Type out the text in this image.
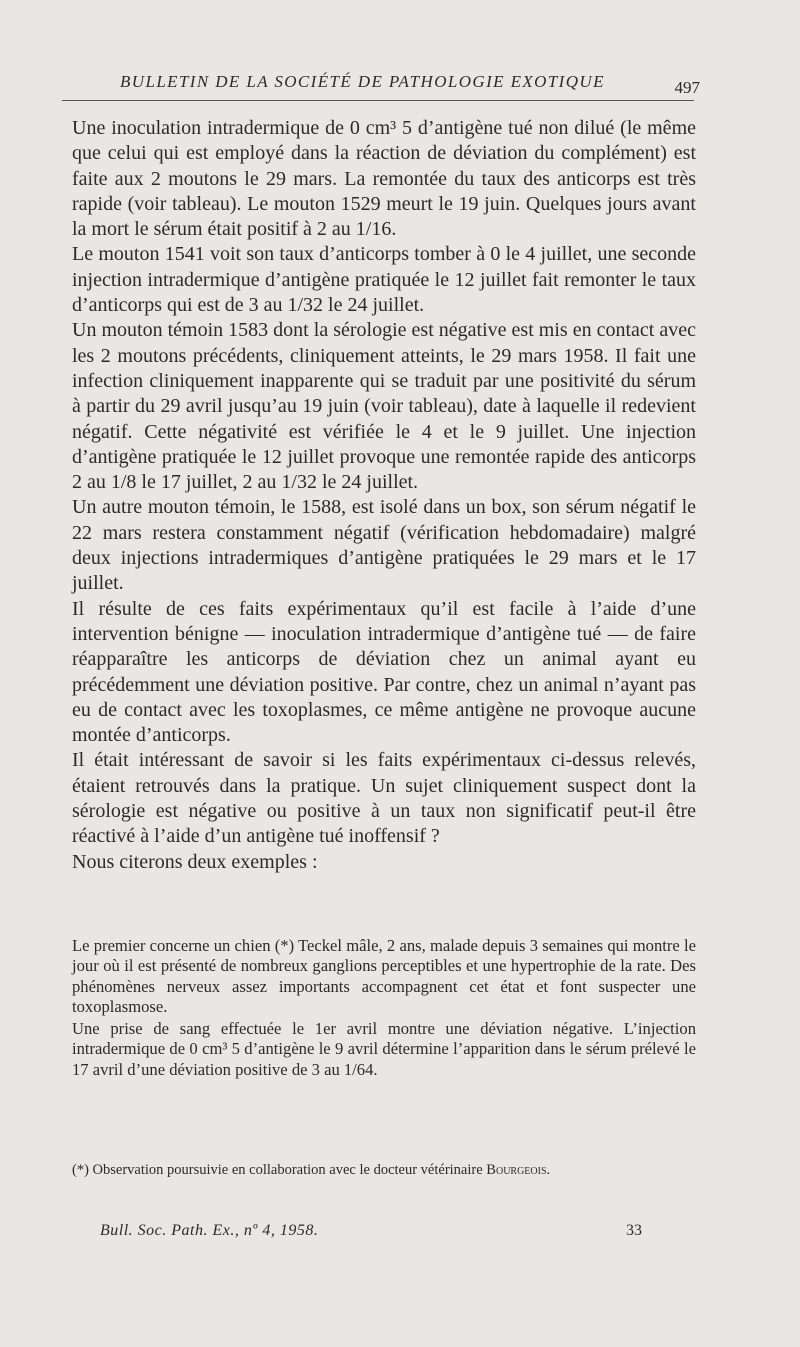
BULLETIN DE LA SOCIÉTÉ DE PATHOLOGIE EXOTIQUE	497

Une inoculation intradermique de 0 cm³ 5 d’antigène tué non dilué (le même que celui qui est employé dans la réaction de déviation du complément) est faite aux 2 moutons le 29 mars. La remontée du taux des anticorps est très rapide (voir tableau). Le mouton 1529 meurt le 19 juin. Quelques jours avant la mort le sérum était positif à 2 au 1/16.

Le mouton 1541 voit son taux d’anticorps tomber à 0 le 4 juillet, une seconde injection intradermique d’antigène pratiquée le 12 juillet fait remonter le taux d’anticorps qui est de 3 au 1/32 le 24 juillet.

Un mouton témoin 1583 dont la sérologie est négative est mis en contact avec les 2 moutons précédents, cliniquement atteints, le 29 mars 1958. Il fait une infection cliniquement inapparente qui se traduit par une positivité du sérum à partir du 29 avril jusqu’au 19 juin (voir tableau), date à laquelle il redevient négatif. Cette négativité est vérifiée le 4 et le 9 juillet. Une injection d’antigène pratiquée le 12 juillet provoque une remontée rapide des anticorps 2 au 1/8 le 17 juillet, 2 au 1/32 le 24 juillet.

Un autre mouton témoin, le 1588, est isolé dans un box, son sérum négatif le 22 mars restera constamment négatif (vérification hebdomadaire) malgré deux injections intradermiques d’antigène pratiquées le 29 mars et le 17 juillet.

Il résulte de ces faits expérimentaux qu’il est facile à l’aide d’une intervention bénigne — inoculation intradermique d’antigène tué — de faire réapparaître les anticorps de déviation chez un animal ayant eu précédemment une déviation positive. Par contre, chez un animal n’ayant pas eu de contact avec les toxoplasmes, ce même antigène ne provoque aucune montée d’anticorps.

Il était intéressant de savoir si les faits expérimentaux ci-dessus relevés, étaient retrouvés dans la pratique. Un sujet cliniquement suspect dont la sérologie est négative ou positive à un taux non significatif peut-il être réactivé à l’aide d’un antigène tué inoffensif ?

Nous citerons deux exemples :

Le premier concerne un chien (*) Teckel mâle, 2 ans, malade depuis 3 semaines qui montre le jour où il est présenté de nombreux ganglions perceptibles et une hypertrophie de la rate. Des phénomènes nerveux assez importants accompagnent cet état et font suspecter une toxoplasmose.

Une prise de sang effectuée le 1er avril montre une déviation négative. L’injection intradermique de 0 cm³ 5 d’antigène le 9 avril détermine l’apparition dans le sérum prélevé le 17 avril d’une déviation positive de 3 au 1/64.

(*) Observation poursuivie en collaboration avec le docteur vétérinaire Bourgeois.

Bull. Soc. Path. Ex., nº 4, 1958.	33
